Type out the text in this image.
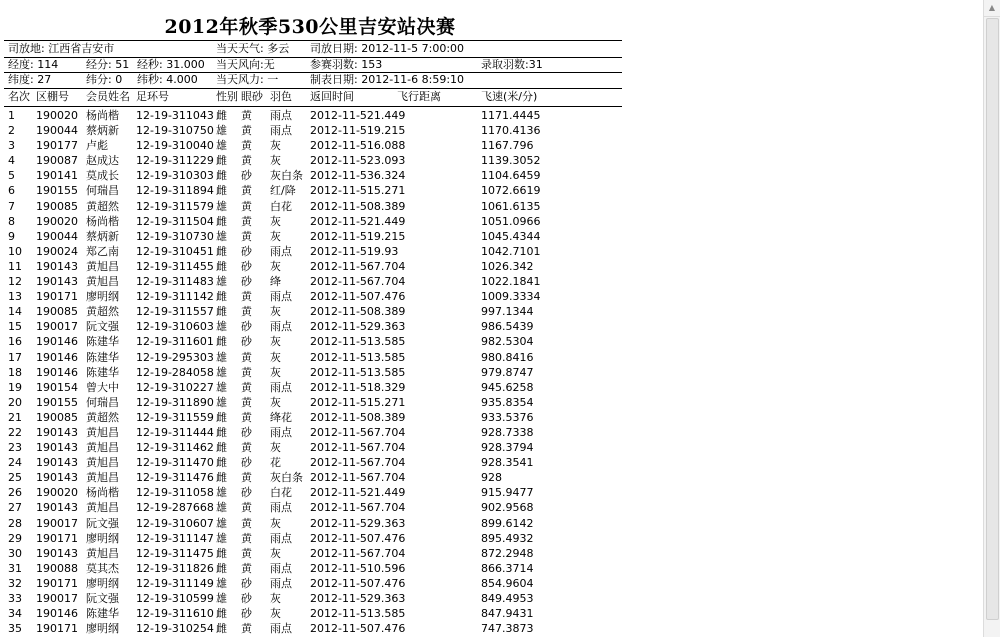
2012年秋季530公里吉安站决赛
司放地: 江西省吉安市	当天天气: 多云 司放日期: 2012-11-5 7:00:00
经度: 114	经分: 51 经秒: 31.000 当天风向:无	参赛羽数: 153	录取羽数:31
纬度: 27	纬分: 0 纬秒: 4.000 当天风力: 一	制表日期: 2012-11-6 8:59:10
名次 区棚号 会员姓名 足环号	性别 眼砂 羽色 返回时间	飞行距离	飞速(米/分)
1 190020 杨尚楷 12-19-311043 雌 黄 雨点 2012-11-521.449	1171.4445
2 190044 蔡炳新 12-19-310750 雄 黄 雨点 2012-11-519.215	1170.4136
3 190177 卢彪	12-19-310040 雄 黄 灰	2012-11-516.088	1167.796
4 190087 赵成达 12-19-311229 雌 黄 灰	2012-11-523.093	1139.3052
5 190141 莫成长 12-19-310303 雌 砂 灰白条 2012-11-536.324	1104.6459
6 190155 何瑞昌 12-19-311894 雌 黄 红/降 2012-11-515.271	1072.6619
7 190085 黄超然 12-19-311579 雄 黄 白花 2012-11-508.389	1061.6135
8 190020 杨尚楷 12-19-311504 雌 黄 灰	2012-11-521.449	1051.0966
9 190044 蔡炳新 12-19-310730 雄 黄 灰	2012-11-519.215	1045.4344
10 190024 郑乙南 12-19-310451 雌 砂 雨点 2012-11-519.93	1042.7101
11 190143 黄旭昌 12-19-311455 雌 砂 灰	2012-11-567.704	1026.342
12 190143 黄旭昌 12-19-311483 雄 砂 绛	2012-11-567.704	1022.1841
13 190171 廖明纲 12-19-311142 雌 黄 雨点 2012-11-507.476	1009.3334
14 190085 黄超然 12-19-311557 雌 黄 灰	2012-11-508.389	997.1344
15 190017 阮文强 12-19-310603 雄 砂 雨点 2012-11-529.363	986.5439
16 190146 陈建华 12-19-311601 雌 砂 灰	2012-11-513.585	982.5304
17 190146 陈建华 12-19-295303 雄 黄 灰	2012-11-513.585	980.8416
18 190146 陈建华 12-19-284058 雄 黄 灰	2012-11-513.585	979.8747
19 190154 曾大中 12-19-310227 雄 黄 雨点 2012-11-518.329	945.6258
20 190155 何瑞昌 12-19-311890 雄 黄 灰	2012-11-515.271	935.8354
21 190085 黄超然 12-19-311559 雌 黄 绛花 2012-11-508.389	933.5376
22 190143 黄旭昌 12-19-311444 雌 砂 雨点 2012-11-567.704	928.7338
23 190143 黄旭昌 12-19-311462 雌 黄 灰	2012-11-567.704	928.3794
24 190143 黄旭昌 12-19-311470 雌 砂 花	2012-11-567.704	928.3541
25 190143 黄旭昌 12-19-311476 雌 黄 灰白条 2012-11-567.704	928
26 190020 杨尚楷 12-19-311058 雄 砂 白花 2012-11-521.449	915.9477
27 190143 黄旭昌 12-19-287668 雄 黄 雨点 2012-11-567.704	902.9568
28 190017 阮文强 12-19-310607 雄 黄 灰	2012-11-529.363	899.6142
29 190171 廖明纲 12-19-311147 雄 黄 雨点 2012-11-507.476	895.4932
30 190143 黄旭昌 12-19-311475 雌 黄 灰	2012-11-567.704	872.2948
31 190088 莫其杰 12-19-311826 雌 黄 雨点 2012-11-510.596	866.3714
32 190171 廖明纲 12-19-311149 雄 砂 雨点 2012-11-507.476	854.9604
33 190017 阮文强 12-19-310599 雄 砂 灰	2012-11-529.363	849.4953
34 190146 陈建华 12-19-311610 雌 砂 灰	2012-11-513.585	847.9431
35 190171 廖明纲 12-19-310254 雌 黄 雨点 2012-11-507.476	747.3873
▲
